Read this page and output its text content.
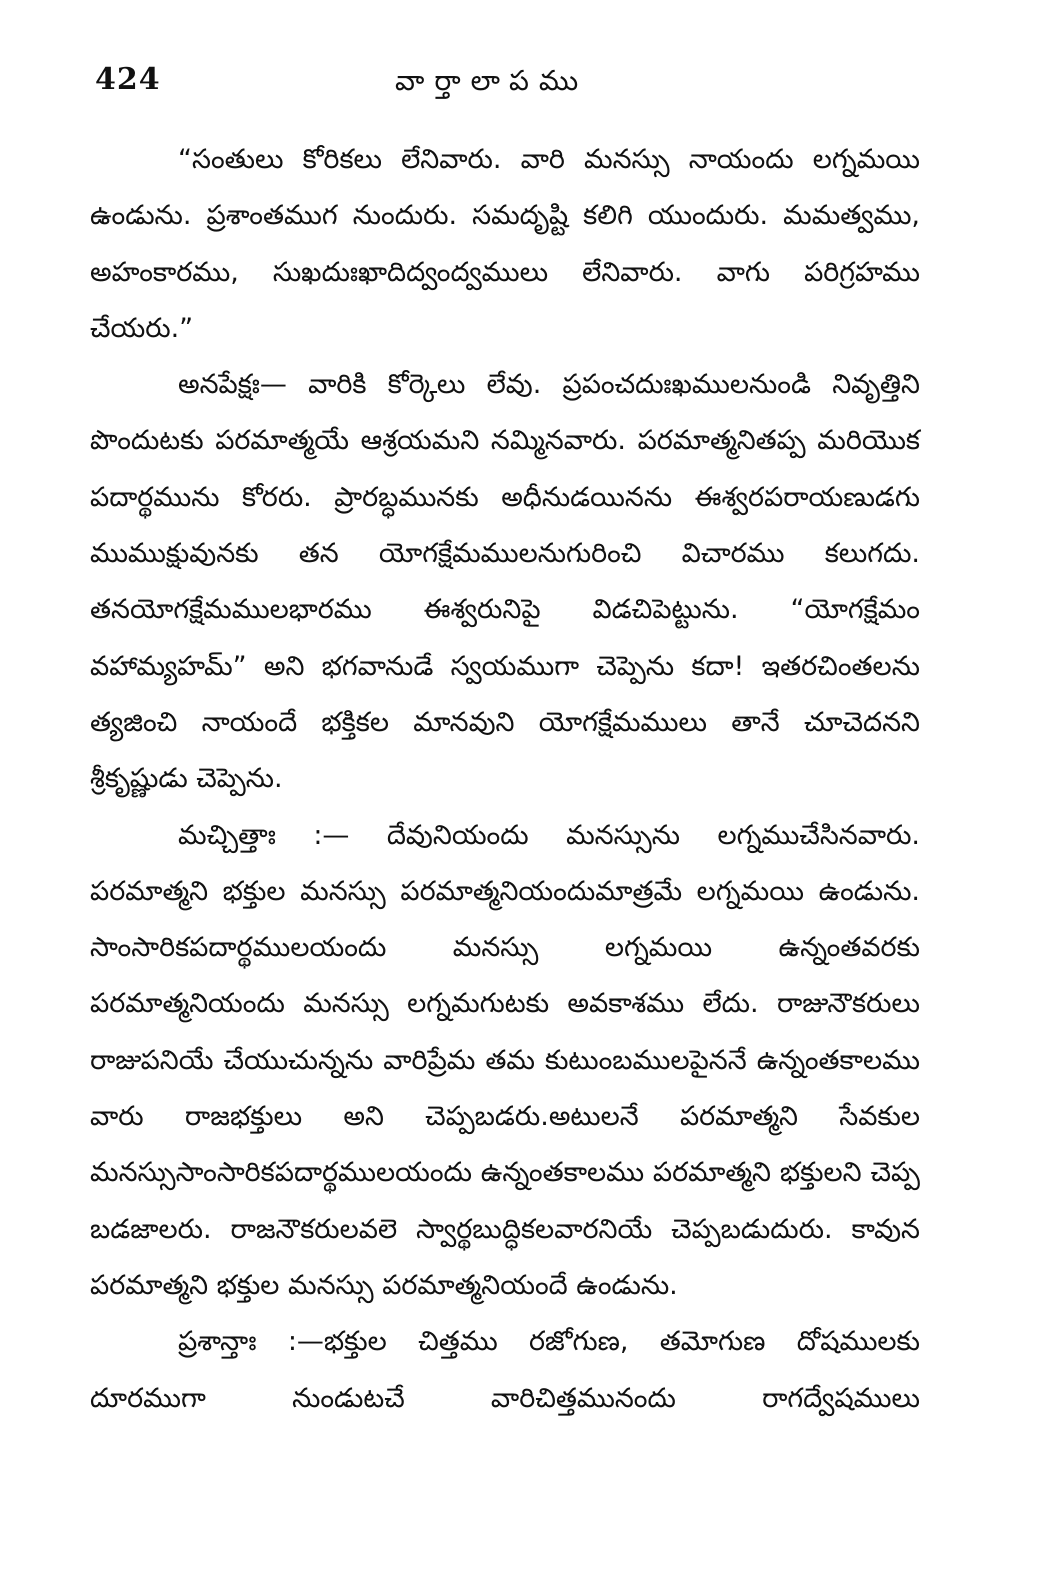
424	వార్తాలాపము

“సంతులు కోరికలు లేనివారు. వారి మనస్సు నాయందు లగ్నమయి ఉండును. ప్రశాంతముగ నుందురు. సమదృష్టి కలిగి యుందురు. మమత్వము, అహంకారము, సుఖదుఃఖాదిద్వంద్వములు లేనివారు. వాగు పరిగ్రహము చేయరు.”

అనపేక్షః— వారికి కోర్కెలు లేవు. ప్రపంచదుఃఖములనుండి నివృత్తిని పొందుటకు పరమాత్మయే ఆశ్రయమని నమ్మినవారు. పరమాత్మనితప్ప మరియొక పదార్థమును కోరరు. ప్రారబ్ధమునకు అధీనుడయినను ఈశ్వరపరాయణుడగు ముముక్షువునకు తన యోగక్షేమములనుగురించి విచారము కలుగదు. తనయోగక్షేమములభారము ఈశ్వరునిపై విడచిపెట్టును. “యోగక్షేమం వహామ్యహమ్” అని భగవానుడే స్వయముగా చెప్పెను కదా! ఇతరచింతలను త్యజించి నాయందే భక్తికల మానవుని యోగక్షేమములు తానే చూచెదనని శ్రీకృష్ణుడు చెప్పెను.

మచ్చిత్తాః :— దేవునియందు మనస్సును లగ్నముచేసినవారు. పరమాత్మని భక్తుల మనస్సు పరమాత్మనియందుమాత్రమే లగ్నమయి ఉండును. సాంసారికపదార్థములయందు మనస్సు లగ్నమయి ఉన్నంతవరకు పరమాత్మనియందు మనస్సు లగ్నమగుటకు అవకాశము లేదు. రాజునౌకరులు రాజుపనియే చేయుచున్నను వారిప్రేమ తమ కుటుంబములపైననే ఉన్నంతకాలము వారు రాజభక్తులు అని చెప్పబడరు.అటులనే పరమాత్మని సేవకుల మనస్సుసాంసారికపదార్థములయందు ఉన్నంతకాలము పరమాత్మని భక్తులని చెప్ప బడజాలరు. రాజనౌకరులవలె స్వార్థబుద్ధికలవారనియే చెప్పబడుదురు. కావున పరమాత్మని భక్తుల మనస్సు పరమాత్మనియందే ఉండును.

ప్రశాన్తాః :—భక్తుల చిత్తము రజోగుణ, తమోగుణ దోషములకు దూరముగా నుండుటచే వారిచిత్తమునందు రాగద్వేషములు
